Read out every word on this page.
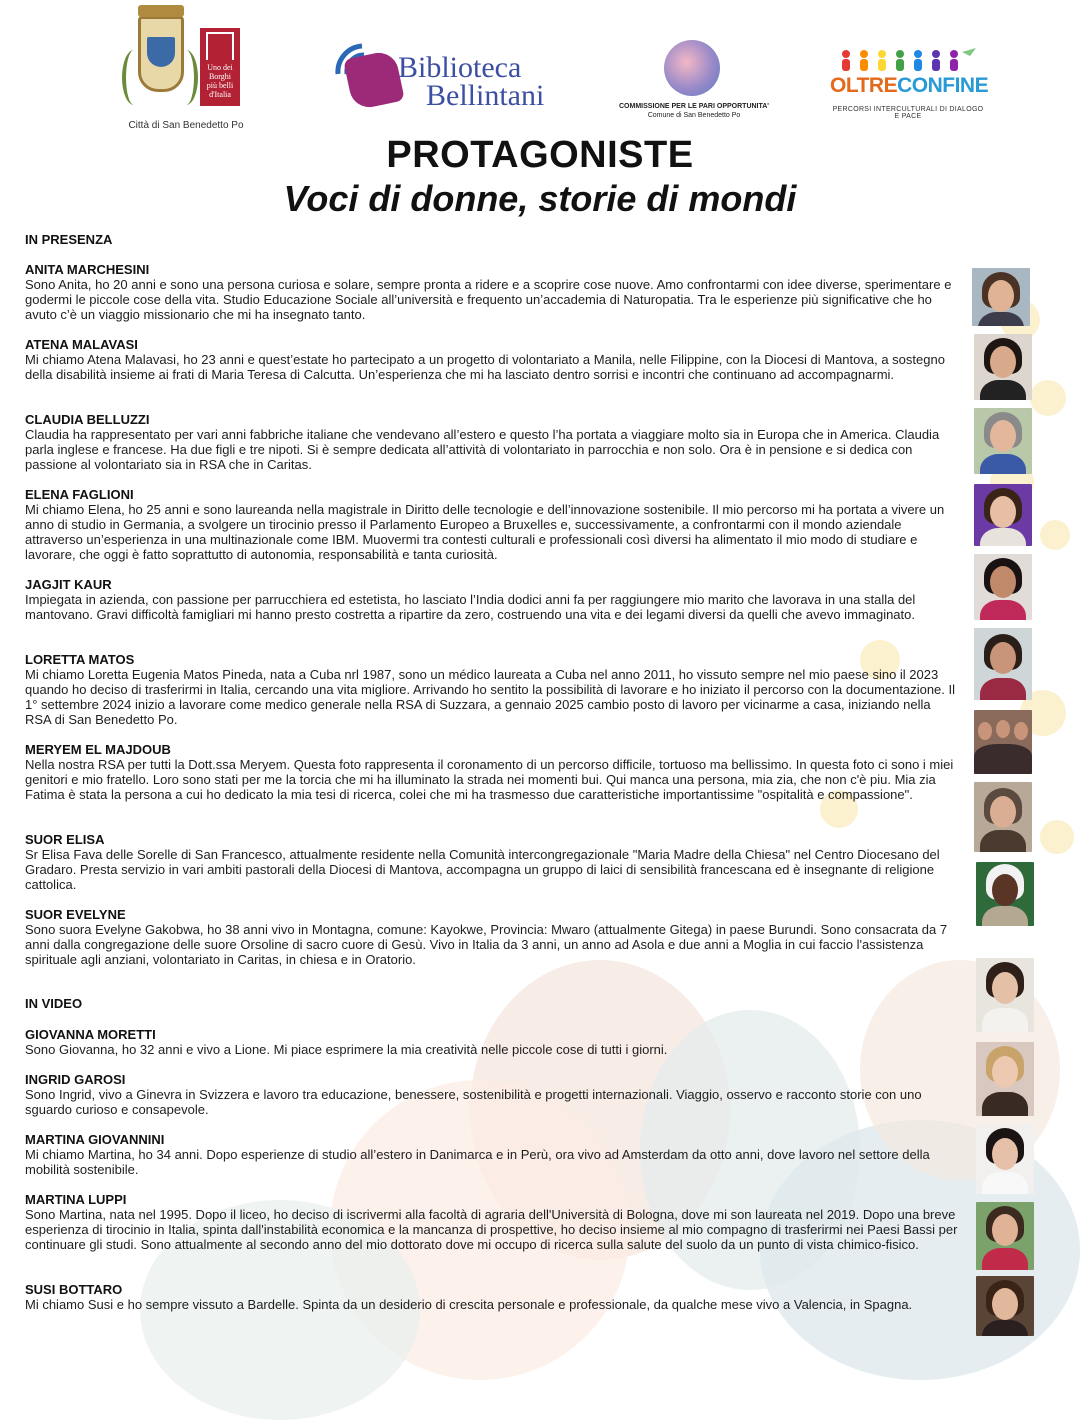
Uno dei
Borghi
più belli
d'Italia
Città di San Benedetto Po
Biblioteca
Bellintani	COMMISSIONE PER LE PARI OPPORTUNITA'
Comune di San Benedetto Po
OLTRECONFINE
PERCORSI INTERCULTURALI DI DIALOGO E PACE
PROTAGONISTE
Voci di donne, storie di mondi
IN PRESENZA
ANITA MARCHESINI
Sono Anita, ho 20 anni e sono una persona curiosa e solare, sempre pronta a ridere e a scoprire cose nuove. Amo confrontarmi con idee diverse, sperimentare e godermi le piccole cose della vita. Studio Educazione Sociale all’università e frequento un’accademia di Naturopatia. Tra le esperienze più significative che ho avuto c’è un viaggio missionario che mi ha insegnato tanto.
ATENA MALAVASI
Mi chiamo Atena Malavasi, ho 23 anni e quest’estate ho partecipato a un progetto di volontariato a Manila, nelle Filippine, con la Diocesi di Mantova, a sostegno della disabilità insieme ai frati di Maria Teresa di Calcutta. Un’esperienza che mi ha lasciato dentro sorrisi e incontri che continuano ad accompagnarmi.
CLAUDIA BELLUZZI
Claudia ha rappresentato per vari anni fabbriche italiane che vendevano all’estero e questo l’ha portata a viaggiare molto sia in Europa che in America. Claudia parla inglese e francese. Ha due figli e tre nipoti. Si è sempre dedicata all’attività di volontariato in parrocchia e non solo. Ora è in pensione e si dedica con passione al volontariato sia in RSA che in Caritas.
ELENA FAGLIONI
Mi chiamo Elena, ho 25 anni e sono laureanda nella magistrale in Diritto delle tecnologie e dell’innovazione sostenibile. Il mio percorso mi ha portata a vivere un anno di studio in Germania, a svolgere un tirocinio presso il Parlamento Europeo a Bruxelles e, successivamente, a confrontarmi con il mondo aziendale attraverso un’esperienza in una multinazionale come IBM. Muovermi tra contesti culturali e professionali così diversi ha alimentato il mio modo di studiare e lavorare, che oggi è fatto soprattutto di autonomia, responsabilità e tanta curiosità.
JAGJIT KAUR
Impiegata in azienda, con passione per parrucchiera ed estetista, ho lasciato l’India dodici anni fa per raggiungere mio marito che lavorava in una stalla del mantovano. Gravi difficoltà famigliari mi hanno presto costretta a ripartire da zero, costruendo una vita e dei legami diversi da quelli che avevo immaginato.
LORETTA MATOS
Mi chiamo Loretta Eugenia Matos Pineda, nata a Cuba nrl 1987, sono un médico laureata a Cuba nel anno 2011, ho vissuto sempre nel mio paese sino il 2023 quando ho deciso di trasferirmi in Italia, cercando una vita migliore. Arrivando ho sentito la possibilità di lavorare e ho iniziato il percorso con la documentazione. Il 1° settembre 2024 inizio a lavorare come medico generale nella RSA di Suzzara, a gennaio 2025 cambio posto di lavoro per vicinarme a casa, iniziando nella RSA di San Benedetto Po.
MERYEM EL MAJDOUB
Nella nostra RSA per tutti la Dott.ssa Meryem. Questa foto rappresenta il coronamento di un percorso difficile, tortuoso ma bellissimo. In questa foto ci sono i miei genitori e mio fratello. Loro sono stati per me la torcia che mi ha illuminato la strada nei momenti bui. Qui manca una persona, mia zia, che non c'è piu. Mia zia Fatima è stata la persona a cui ho dedicato la mia tesi di ricerca, colei che mi ha trasmesso due caratteristiche importantissime "ospitalità e compassione".
SUOR ELISA
Sr Elisa Fava delle Sorelle di San Francesco, attualmente residente nella Comunità intercongregazionale "Maria Madre della Chiesa" nel Centro Diocesano del Gradaro. Presta servizio in vari ambiti pastorali della Diocesi di Mantova, accompagna un gruppo di laici di sensibilità francescana ed è insegnante di religione cattolica.
SUOR EVELYNE
Sono suora Evelyne Gakobwa, ho 38 anni vivo in Montagna, comune: Kayokwe, Provincia: Mwaro (attualmente Gitega) in paese Burundi. Sono consacrata da 7 anni dalla congregazione delle suore Orsoline di sacro cuore di Gesù. Vivo in Italia da 3 anni, un anno ad Asola e due anni a Moglia in cui faccio l'assistenza spirituale agli anziani, volontariato in Caritas, in chiesa e in Oratorio.
IN VIDEO
GIOVANNA MORETTI
Sono Giovanna, ho 32 anni e vivo a Lione. Mi piace esprimere la mia creatività nelle piccole cose di tutti i giorni.
INGRID GAROSI
Sono Ingrid, vivo a Ginevra in Svizzera e lavoro tra educazione, benessere, sostenibilità e progetti internazionali. Viaggio, osservo e racconto storie con uno sguardo curioso e consapevole.
MARTINA GIOVANNINI
Mi chiamo Martina, ho 34 anni. Dopo esperienze di studio all’estero in Danimarca e in Perù, ora vivo ad Amsterdam da otto anni, dove lavoro nel settore della mobilità sostenibile.
MARTINA LUPPI
Sono Martina, nata nel 1995. Dopo il liceo, ho deciso di iscrivermi alla facoltà di agraria dell'Università di Bologna, dove mi son laureata nel 2019. Dopo una breve esperienza di tirocinio in Italia, spinta dall'instabilità economica e la mancanza di prospettive, ho deciso insieme al mio compagno di trasferirmi nei Paesi Bassi per continuare gli studi. Sono attualmente al secondo anno del mio dottorato dove mi occupo di ricerca sulla salute del suolo da un punto di vista chimico-fisico.
SUSI BOTTARO
Mi chiamo Susi e ho sempre vissuto a Bardelle. Spinta da un desiderio di crescita personale e professionale, da qualche mese vivo a Valencia, in Spagna.
